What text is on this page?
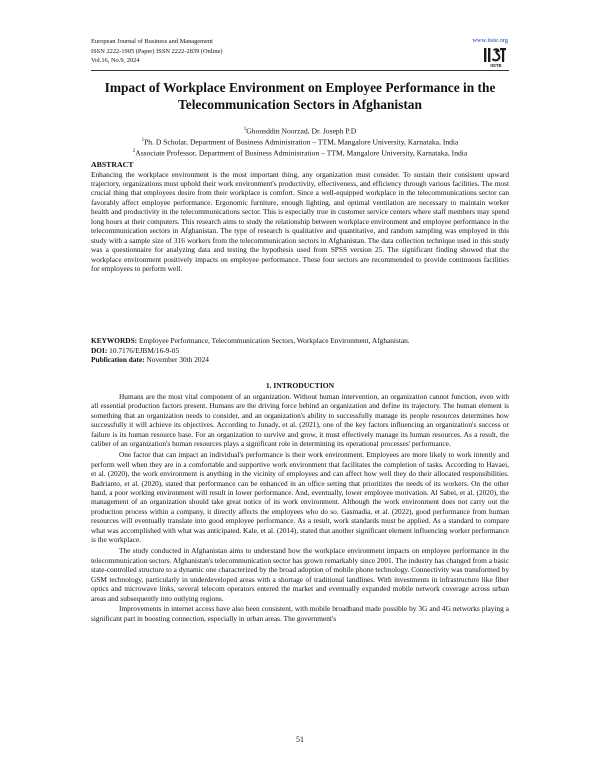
European Journal of Business and Management
ISSN 2222-1905 (Paper) ISSN 2222-2839 (Online)
Vol.16, No.9, 2024
www.iiste.org
IISTE
Impact of Workplace Environment on Employee Performance in the Telecommunication Sectors in Afghanistan
$^1$Ghousddin Noorzad, Dr. Joseph P.D
$^1$Ph. D Scholar, Department of Business Administration – TTM, Mangalore University, Karnataka, India
$^2$Associate Professor, Department of Business Administration – TTM, Mangalore University, Karnataka, India
ABSTRACT
Enhancing the workplace environment is the most important thing, any organization must consider. To sustain their consistent upward trajectory, organizations must uphold their work environment's productivity, effectiveness, and efficiency through various facilities. The most crucial thing that employees desire from their workplace is comfort. Since a well-equipped workplace in the telecommunications sector can favorably affect employee performance. Ergonomic furniture, enough lighting, and optimal ventilation are necessary to maintain worker health and productivity in the telecommunications sector. This is especially true in customer service centers where staff members may spend long hours at their computers. This research aims to study the relationship between workplace environment and employee performance in the telecommunication sectors in Afghanistan. The type of research is qualitative and quantitative, and random sampling was employed in this study with a sample size of 316 workers from the telecommunication sectors in Afghanistan. The data collection technique used in this study was a questionnaire for analyzing data and testing the hypothesis used from SPSS version 25. The significant finding showed that the workplace environment positively impacts on employee performance. These four sectors are recommended to provide continuous facilities for employees to perform well.
KEYWORDS: Employee Performance, Telecommunication Sectors, Workplace Environment, Afghanistan.
DOI: 10.7176/EJBM/16-9-05
Publication date: November 30th 2024
1. INTRODUCTION

Humans are the most vital component of an organization. Without human intervention, an organization cannot function, even with all essential production factors present. Humans are the driving force behind an organization and define its trajectory. The human element is something that an organization needs to consider, and an organization's ability to successfully manage its people resources determines how successfully it will achieve its objectives. According to Junady, et al. (2021), one of the key factors influencing an organization's success or failure is its human resource base. For an organization to survive and grow, it must effectively manage its human resources. As a result, the caliber of an organization's human resources plays a significant role in determining its operational processes' performance.

One factor that can impact an individual's performance is their work environment. Employees are more likely to work intently and perform well when they are in a comfortable and supportive work environment that facilitates the completion of tasks. According to Havaei, et al. (2020), the work environment is anything in the vicinity of employees and can affect how well they do their allocated responsibilities. Badrianto, et al. (2020), stated that performance can be enhanced in an office setting that prioritizes the needs of its workers. On the other hand, a poor working environment will result in lower performance. And, eventually, lower employee motivation. Al Sabei, et al. (2020), the management of an organization should take great notice of its work environment. Although the work environment does not carry out the production process within a company, it directly affects the employees who do so. Gasmadia, et al. (2022), good performance from human resources will eventually translate into good employee performance. As a result, work standards must be applied. As a standard to compare what was accomplished with what was anticipated. Kale, et al. (2014), stated that another significant element influencing worker performance is the workplace.

The study conducted in Afghanistan aims to understand how the workplace environment impacts on employee performance in the telecommunication sectors. Afghanistan's telecommunication sector has grown remarkably since 2001. The industry has changed from a basic state-controlled structure to a dynamic one characterized by the broad adoption of mobile phone technology. Connectivity was transformed by GSM technology, particularly in underdeveloped areas with a shortage of traditional landlines. With investments in infrastructure like fiber optics and microwave links, several telecom operators entered the market and eventually expanded mobile network coverage across urban areas and subsequently into outlying regions.

Improvements in internet access have also been consistent, with mobile broadband made possible by 3G and 4G networks playing a significant part in boosting connection, especially in urban areas. The government's

51
